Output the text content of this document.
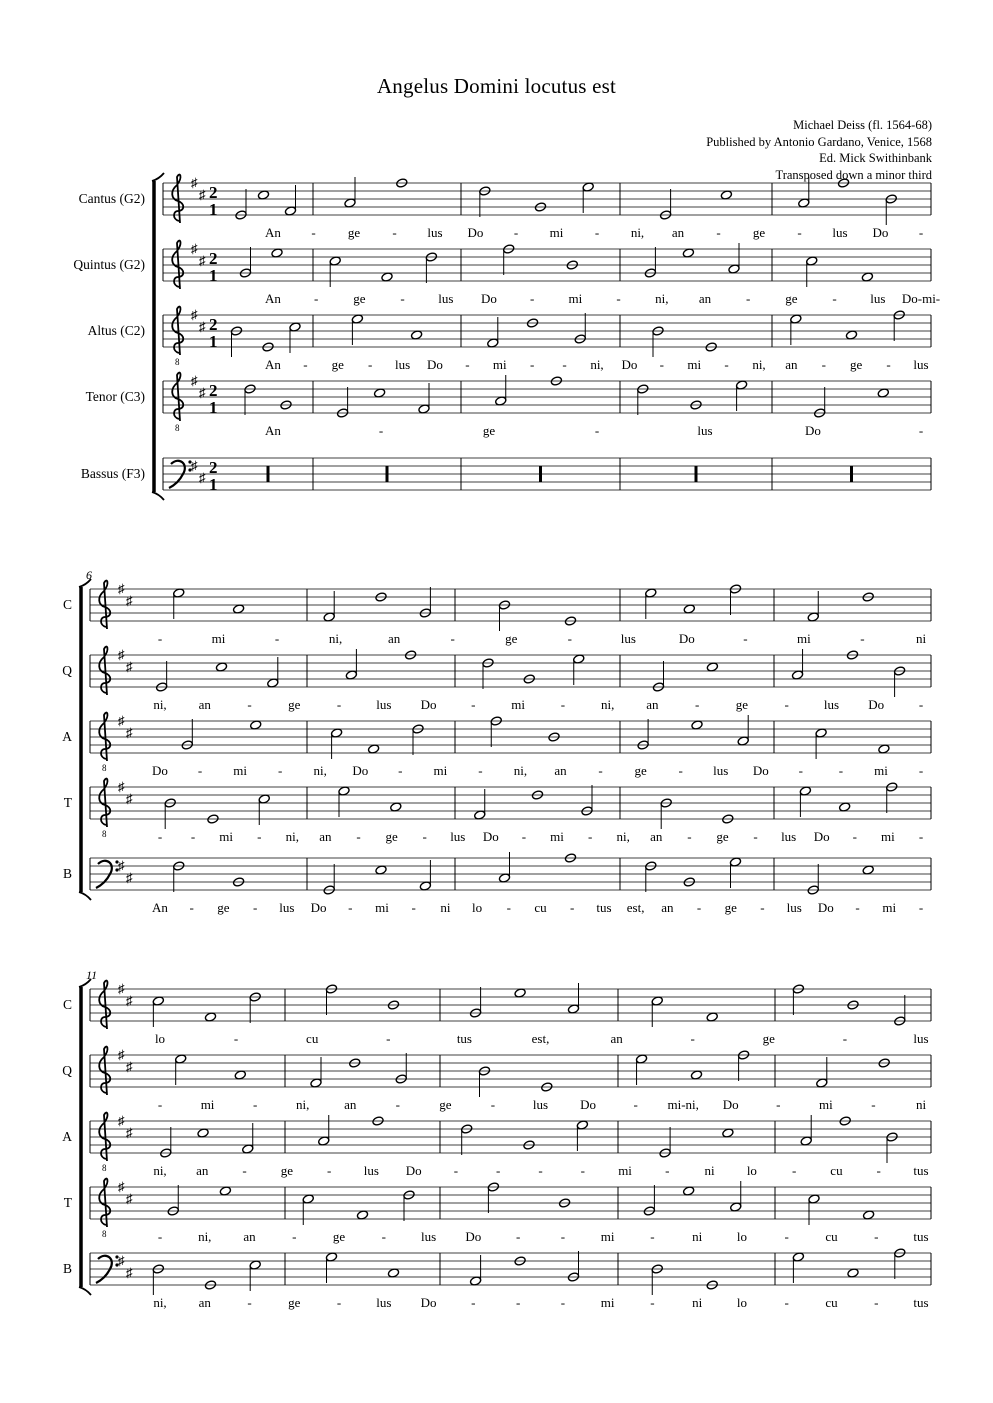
Angelus Domini locutus est
Michael Deiss (fl. 1564-68)
Published by Antonio Gardano, Venice, 1568
Ed. Mick Swithinbank
Transposed down a minor third
Cantus (G2)
♯
♯ 2
1
An - ge - lus Do - mi - ni, an - ge - lus Do -
Quintus (G2)
♯
♯ 2
1
An	-	ge	-	lus Do	-	mi	-	ni, an	-	ge	-	lus Do-mi-
Altus (C2)
8
♯
♯ 2
1
An - ge - lus Do - mi - - ni, Do - mi - ni, an - ge - lus
Tenor (C3)
8
♯
♯ 2
1
An	-	ge	-	lus	Do	-
Bassus (F3)
♯
♯
2
1
6
C
♯
♯
-	mi	-	ni,	an	-	ge	-	lus	Do	-	mi	-	ni
Q
♯
♯
ni, an	-	ge	-	lus Do	-	mi	-	ni, an	-	ge	-	lus Do	-
A
8
♯
♯
Do - mi - ni, Do - mi - ni, an - ge - lus Do -	- mi -
T
8
♯
♯
- - mi - ni, an - ge - lus Do - mi - ni, an - ge - lus Do - mi -
B
♯
♯
An - ge - lus Do - mi - ni lo - cu - tus est, an - ge - lus Do - mi -
11
C
♯
♯
lo	-	cu	-	tus	est,	an	-	ge	-	lus
Q
♯
♯
-	mi	-	ni,	an	-	ge	-	lus Do	- mi-ni, Do	-	mi	-	ni
A
8
♯
♯
ni, an	-	ge	-	lus Do -	-	-	-	mi	-	ni lo	-	cu	-	tus
T
8
♯
♯
-	ni, an	-	ge	-	lus Do	-	-	mi	-	ni	lo	-	cu	-	tus
B
♯
♯
ni, an	-	ge	-	lus Do	-	-	-	mi	-	ni	lo	-	cu	-	tus
